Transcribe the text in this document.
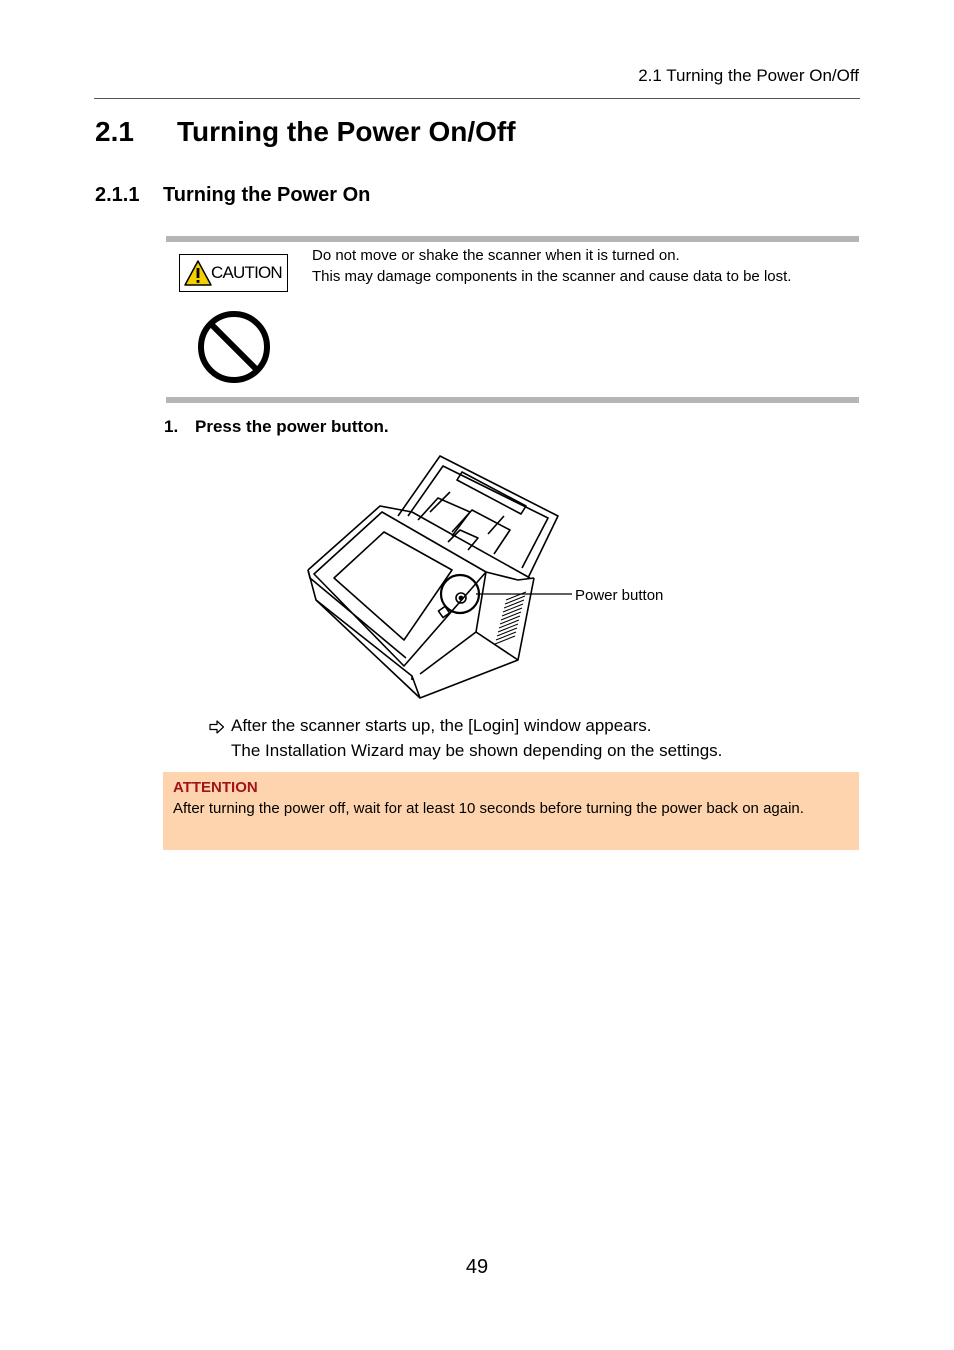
2.1 Turning the Power On/Off
2.1 Turning the Power On/Off
2.1.1 Turning the Power On
CAUTION
Do not move or shake the scanner when it is turned on.
This may damage components in the scanner and cause data to be lost.
1. Press the power button.
Power button
After the scanner starts up, the [Login] window appears.
The Installation Wizard may be shown depending on the settings.
ATTENTION
After turning the power off, wait for at least 10 seconds before turning the power back on again.
49
